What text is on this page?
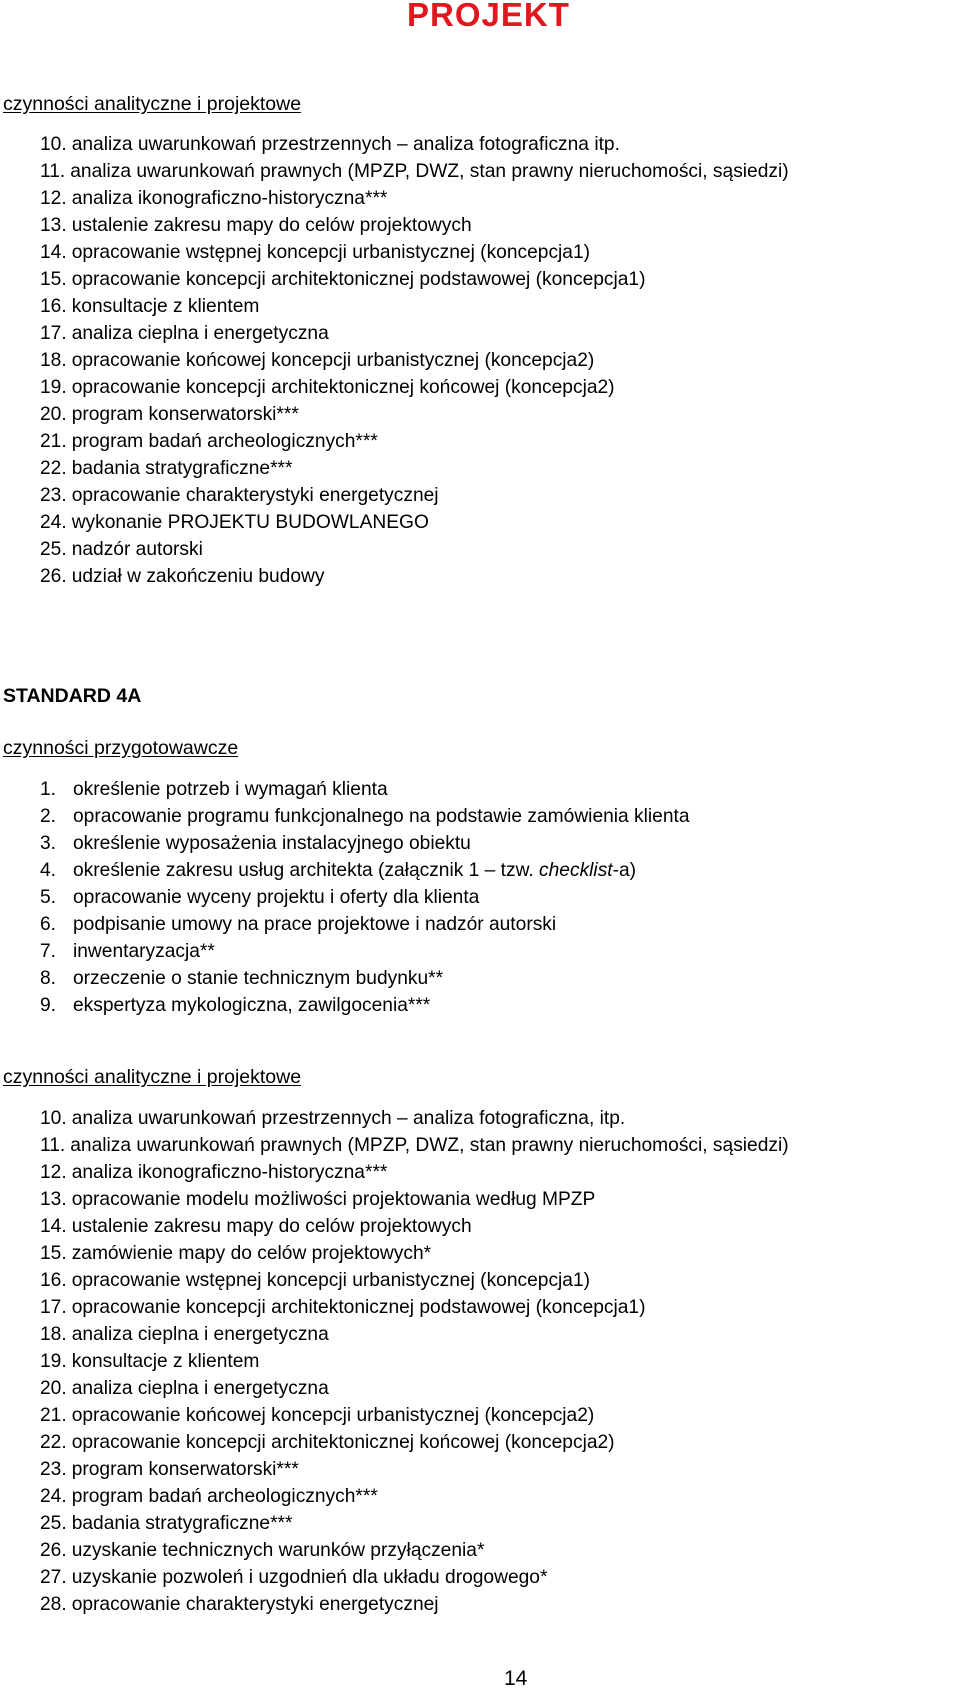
PROJEKT
czynności analityczne i projektowe
10. analiza uwarunkowań przestrzennych – analiza fotograficzna itp.
11. analiza uwarunkowań prawnych (MPZP, DWZ, stan prawny nieruchomości, sąsiedzi)
12. analiza ikonograficzno-historyczna***
13. ustalenie zakresu mapy do celów projektowych
14. opracowanie wstępnej koncepcji urbanistycznej (koncepcja1)
15. opracowanie koncepcji architektonicznej podstawowej (koncepcja1)
16. konsultacje z klientem
17. analiza cieplna i energetyczna
18. opracowanie końcowej koncepcji urbanistycznej (koncepcja2)
19. opracowanie koncepcji architektonicznej końcowej (koncepcja2)
20. program konserwatorski***
21. program badań archeologicznych***
22. badania stratygraficzne***
23. opracowanie charakterystyki energetycznej
24. wykonanie PROJEKTU BUDOWLANEGO
25. nadzór autorski
26. udział w zakończeniu budowy
STANDARD 4A
czynności przygotowawcze
1. określenie potrzeb i wymagań klienta
2. opracowanie programu funkcjonalnego na podstawie zamówienia klienta
3. określenie wyposażenia instalacyjnego obiektu
4. określenie zakresu usług architekta (załącznik 1 – tzw. checklist-a)
5. opracowanie wyceny projektu i oferty dla klienta
6. podpisanie umowy na prace projektowe i nadzór autorski
7. inwentaryzacja**
8. orzeczenie o stanie technicznym budynku**
9. ekspertyza mykologiczna, zawilgocenia***
czynności analityczne i projektowe
10. analiza uwarunkowań przestrzennych – analiza fotograficzna, itp.
11. analiza uwarunkowań prawnych (MPZP, DWZ, stan prawny nieruchomości, sąsiedzi)
12. analiza ikonograficzno-historyczna***
13. opracowanie modelu możliwości projektowania według MPZP
14. ustalenie zakresu mapy do celów projektowych
15. zamówienie mapy do celów projektowych*
16. opracowanie wstępnej koncepcji urbanistycznej (koncepcja1)
17. opracowanie koncepcji architektonicznej podstawowej (koncepcja1)
18. analiza cieplna i energetyczna
19. konsultacje z klientem
20. analiza cieplna i energetyczna
21. opracowanie końcowej koncepcji urbanistycznej (koncepcja2)
22. opracowanie koncepcji architektonicznej końcowej (koncepcja2)
23. program konserwatorski***
24. program badań archeologicznych***
25. badania stratygraficzne***
26. uzyskanie technicznych warunków przyłączenia*
27. uzyskanie pozwoleń i uzgodnień dla układu drogowego*
28. opracowanie charakterystyki energetycznej
14
